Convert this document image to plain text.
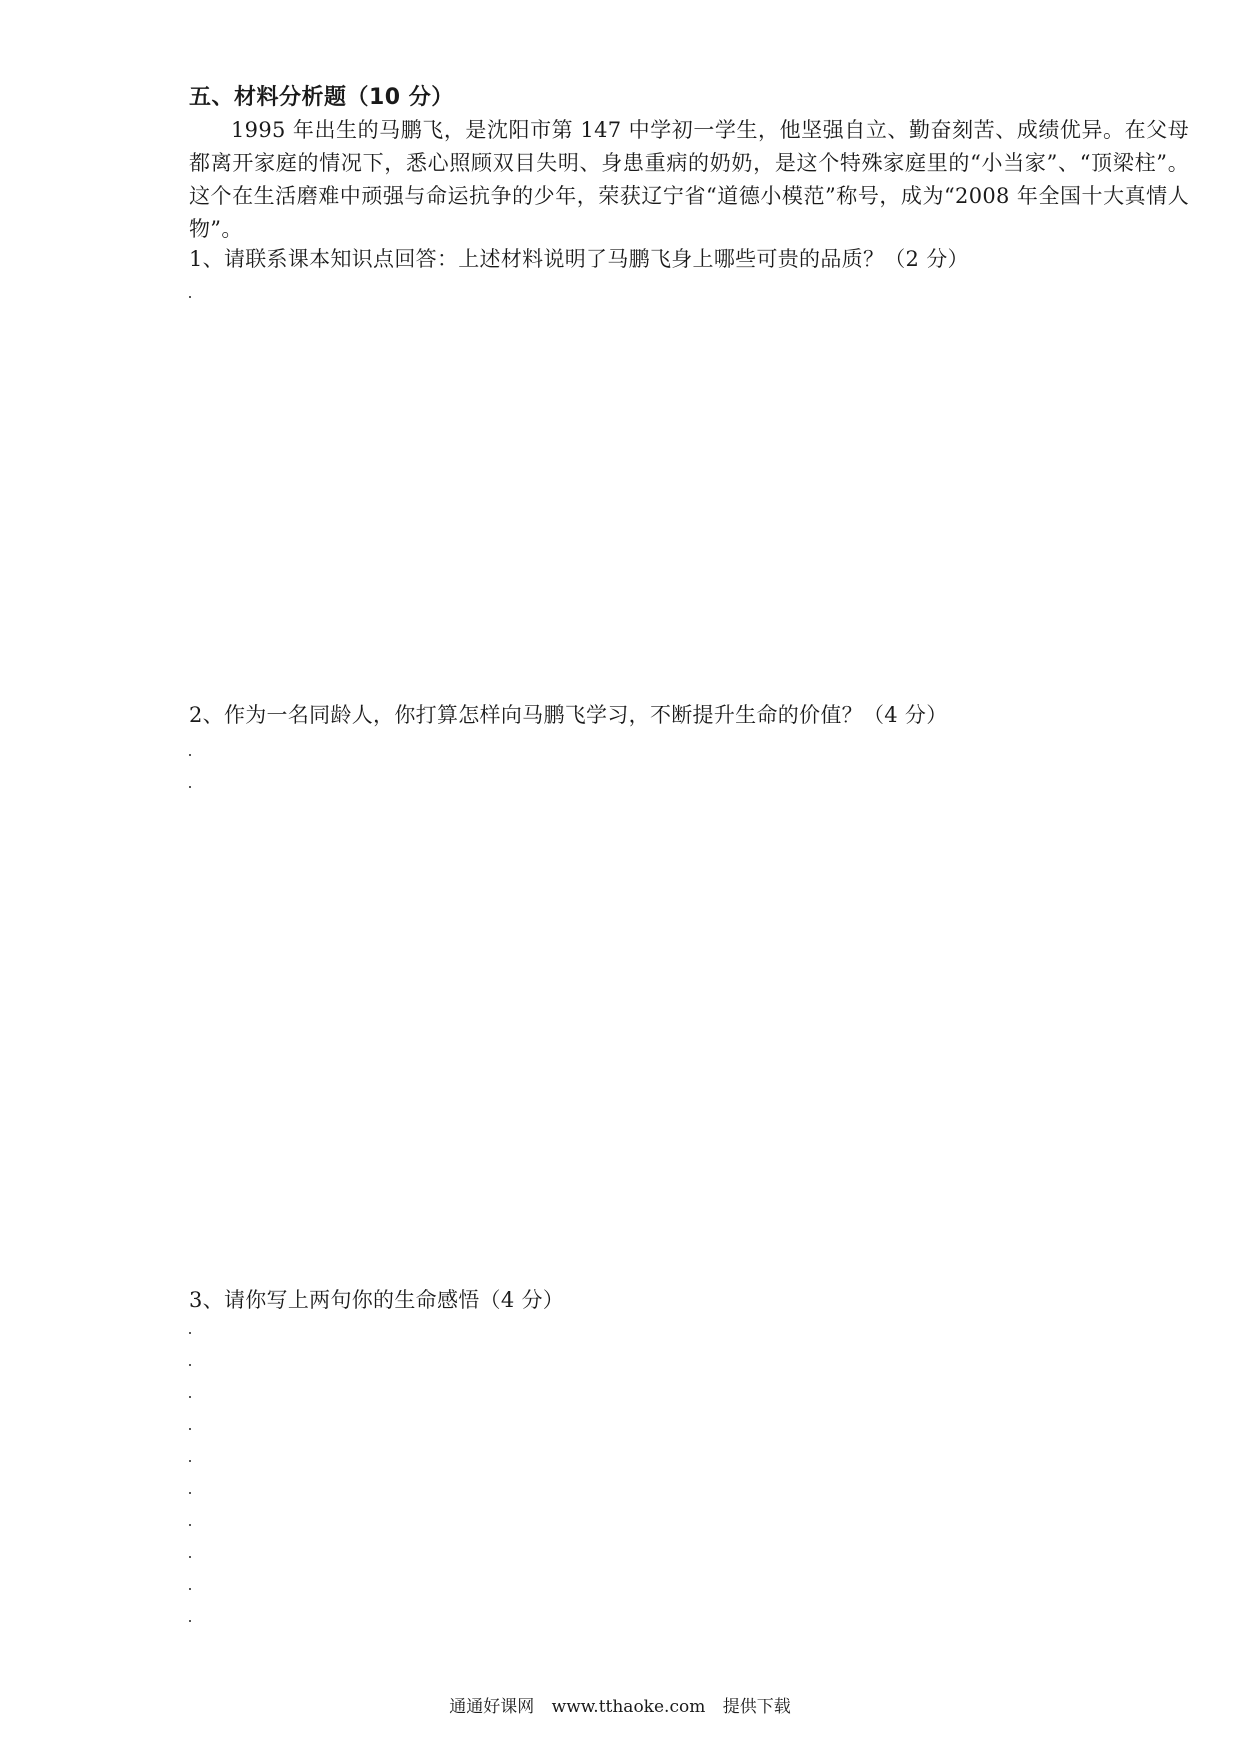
五、材料分析题（10 分）
1995 年出生的马鹏飞，是沈阳市第 147 中学初一学生，他坚强自立、勤奋刻苦、成绩优异。在父母都离开家庭的情况下，悉心照顾双目失明、身患重病的奶奶，是这个特殊家庭里的“小当家”、“顶梁柱”。这个在生活磨难中顽强与命运抗争的少年，荣获辽宁省“道德小模范”称号，成为“2008 年全国十大真情人物”。
1、请联系课本知识点回答：上述材料说明了马鹏飞身上哪些可贵的品质？（2 分）
2、作为一名同龄人，你打算怎样向马鹏飞学习，不断提升生命的价值？（4 分）
3、请你写上两句你的生命感悟（4 分）
通通好课网 www.tthaoke.com 提供下载
